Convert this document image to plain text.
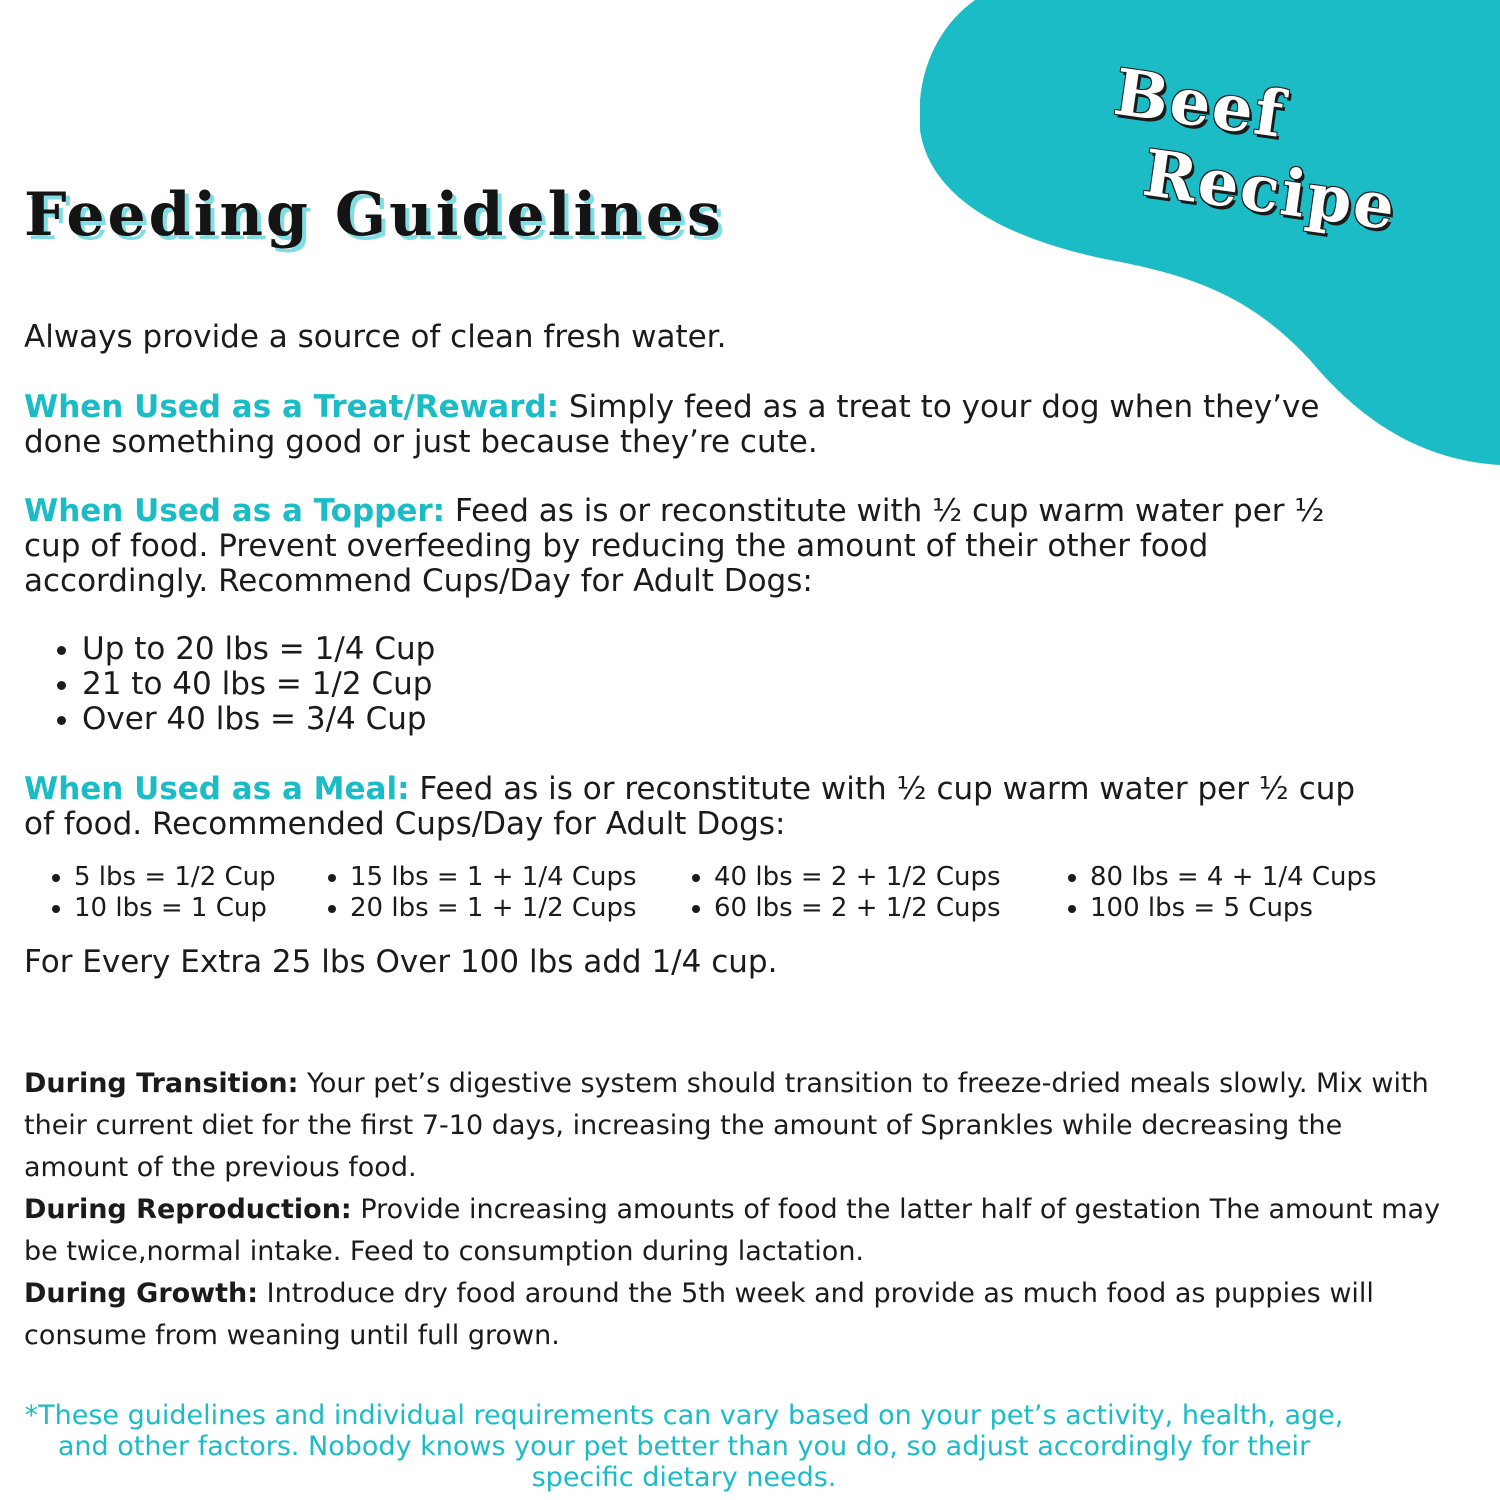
Beef
Recipe
Feeding Guidelines
Always provide a source of clean fresh water.
When Used as a Treat/Reward: Simply feed as a treat to your dog when they’ve done something good or just because they’re cute.
When Used as a Topper: Feed as is or reconstitute with ½ cup warm water per ½ cup of food. Prevent overfeeding by reducing the amount of their other food accordingly. Recommend Cups/Day for Adult Dogs:
• Up to 20 lbs = 1/4 Cup
• 21 to 40 lbs = 1/2 Cup
• Over 40 lbs = 3/4 Cup
When Used as a Meal: Feed as is or reconstitute with ½ cup warm water per ½ cup of food. Recommended Cups/Day for Adult Dogs:
• 5 lbs = 1/2 Cup
• 10 lbs = 1 Cup
• 15 lbs = 1 + 1/4 Cups
• 20 lbs = 1 + 1/2 Cups
• 40 lbs = 2 + 1/2 Cups
• 60 lbs = 2 + 1/2 Cups
• 80 lbs = 4 + 1/4 Cups
• 100 lbs = 5 Cups
For Every Extra 25 lbs Over 100 lbs add 1/4 cup.
During Transition: Your pet’s digestive system should transition to freeze-dried meals slowly. Mix with their current diet for the first 7-10 days, increasing the amount of Sprankles while decreasing the amount of the previous food.
During Reproduction: Provide increasing amounts of food the latter half of gestation The amount may be twice,normal intake. Feed to consumption during lactation.
During Growth: Introduce dry food around the 5th week and provide as much food as puppies will consume from weaning until full grown.
*These guidelines and individual requirements can vary based on your pet’s activity, health, age, and other factors. Nobody knows your pet better than you do, so adjust accordingly for their specific dietary needs.
